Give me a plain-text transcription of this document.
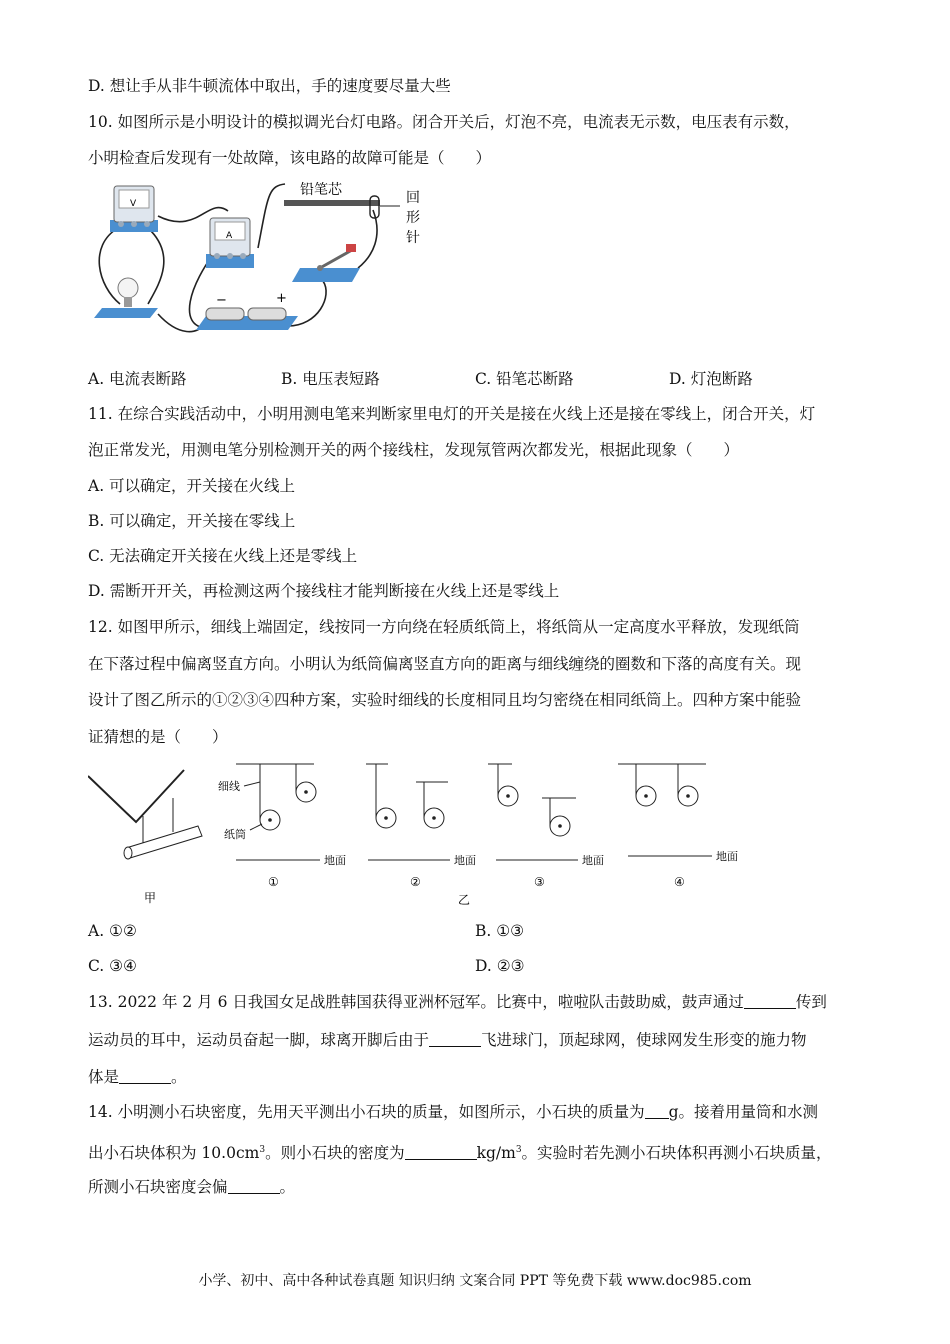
D. 想让手从非牛顿流体中取出，手的速度要尽量大些
10. 如图所示是小明设计的模拟调光台灯电路。闭合开关后，灯泡不亮，电流表无示数，电压表有示数，
小明检查后发现有一处故障，该电路的故障可能是（　　）
铅笔芯	回
形
针
V
A
−	+
A. 电流表断路	B. 电压表短路	C. 铅笔芯断路	D. 灯泡断路
11. 在综合实践活动中，小明用测电笔来判断家里电灯的开关是接在火线上还是接在零线上，闭合开关，灯
泡正常发光，用测电笔分别检测开关的两个接线柱，发现氖管两次都发光，根据此现象（　　）
A. 可以确定，开关接在火线上
B. 可以确定，开关接在零线上
C. 无法确定开关接在火线上还是零线上
D. 需断开开关，再检测这两个接线柱才能判断接在火线上还是零线上
12. 如图甲所示，细线上端固定，线按同一方向绕在轻质纸筒上，将纸筒从一定高度水平释放，发现纸筒
在下落过程中偏离竖直方向。小明认为纸筒偏离竖直方向的距离与细线缠绕的圈数和下落的高度有关。现
设计了图乙所示的①②③④四种方案，实验时细线的长度相同且均匀密绕在相同纸筒上。四种方案中能验
证猜想的是（　　）
甲
细线
纸筒
地面
①
地面
②
地面
③
地面
④
乙
A. ①②	B. ①③
C. ③④	D. ②③
13. 2022 年 2 月 6 日我国女足战胜韩国获得亚洲杯冠军。比赛中，啦啦队击鼓助威，鼓声通过	传到
运动员的耳中，运动员奋起一脚，球离开脚后由于	飞进球门，顶起球网，使球网发生形变的施力物
体是	。
14. 小明测小石块密度，先用天平测出小石块的质量，如图所示，小石块的质量为 g。接着用量筒和水测
出小石块体积为 $10.0cm^3$。则小石块的密度为	$kg/m^3$。实验时若先测小石块体积再测小石块质量，
所测小石块密度会偏	。
小学、初中、高中各种试卷真题 知识归纳 文案合同 PPT 等免费下载 www.doc985.com
